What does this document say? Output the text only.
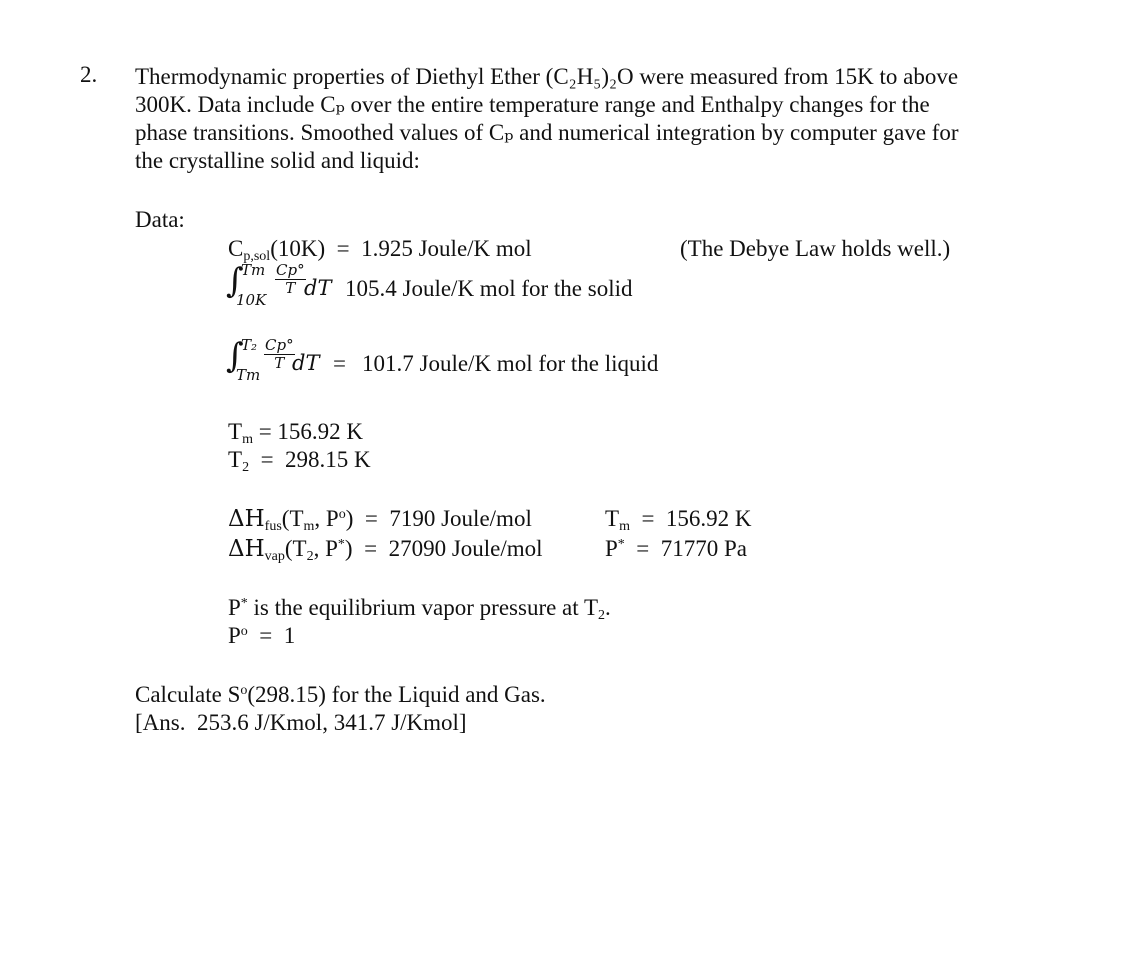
2. Thermodynamic properties of Diethyl Ether (C₂H₅)₂O were measured from 15K to above
300K. Data include Cₚ over the entire temperature range and Enthalpy changes for the
phase transitions. Smoothed values of Cₚ and numerical integration by computer gave for
the crystalline solid and liquid:
Data:
$C_{p,sol}(10K) = 1.925$ Joule/K mol	(The Debye Law holds well.)
∫
Tm
10K
$\frac{Cp^\circ}{T}$
dT 105.4 Joule/K mol for the solid
∫
T₂
Tm
$\frac{Cp^\circ}{T}$
dT = 101.7 Joule/K mol for the liquid
$T_m = 156.92$ K
$T_2 = 298.15$ K
$\Delta H_{fus}(T_m$, $P^o) = 7190$ Joule/mol	$T_m = 156.92$ K
$\Delta H_{vap}(T_2$, P*) = 27090 Joule/mol	P*  =  71770 Pa
P* is the equilibrium vapor pressure at $T_2$.
$P^o = 1$
Calculate $S^o(298.15)$ for the Liquid and Gas.
[Ans.  253.6 J/Kmol, 341.7 J/Kmol]
